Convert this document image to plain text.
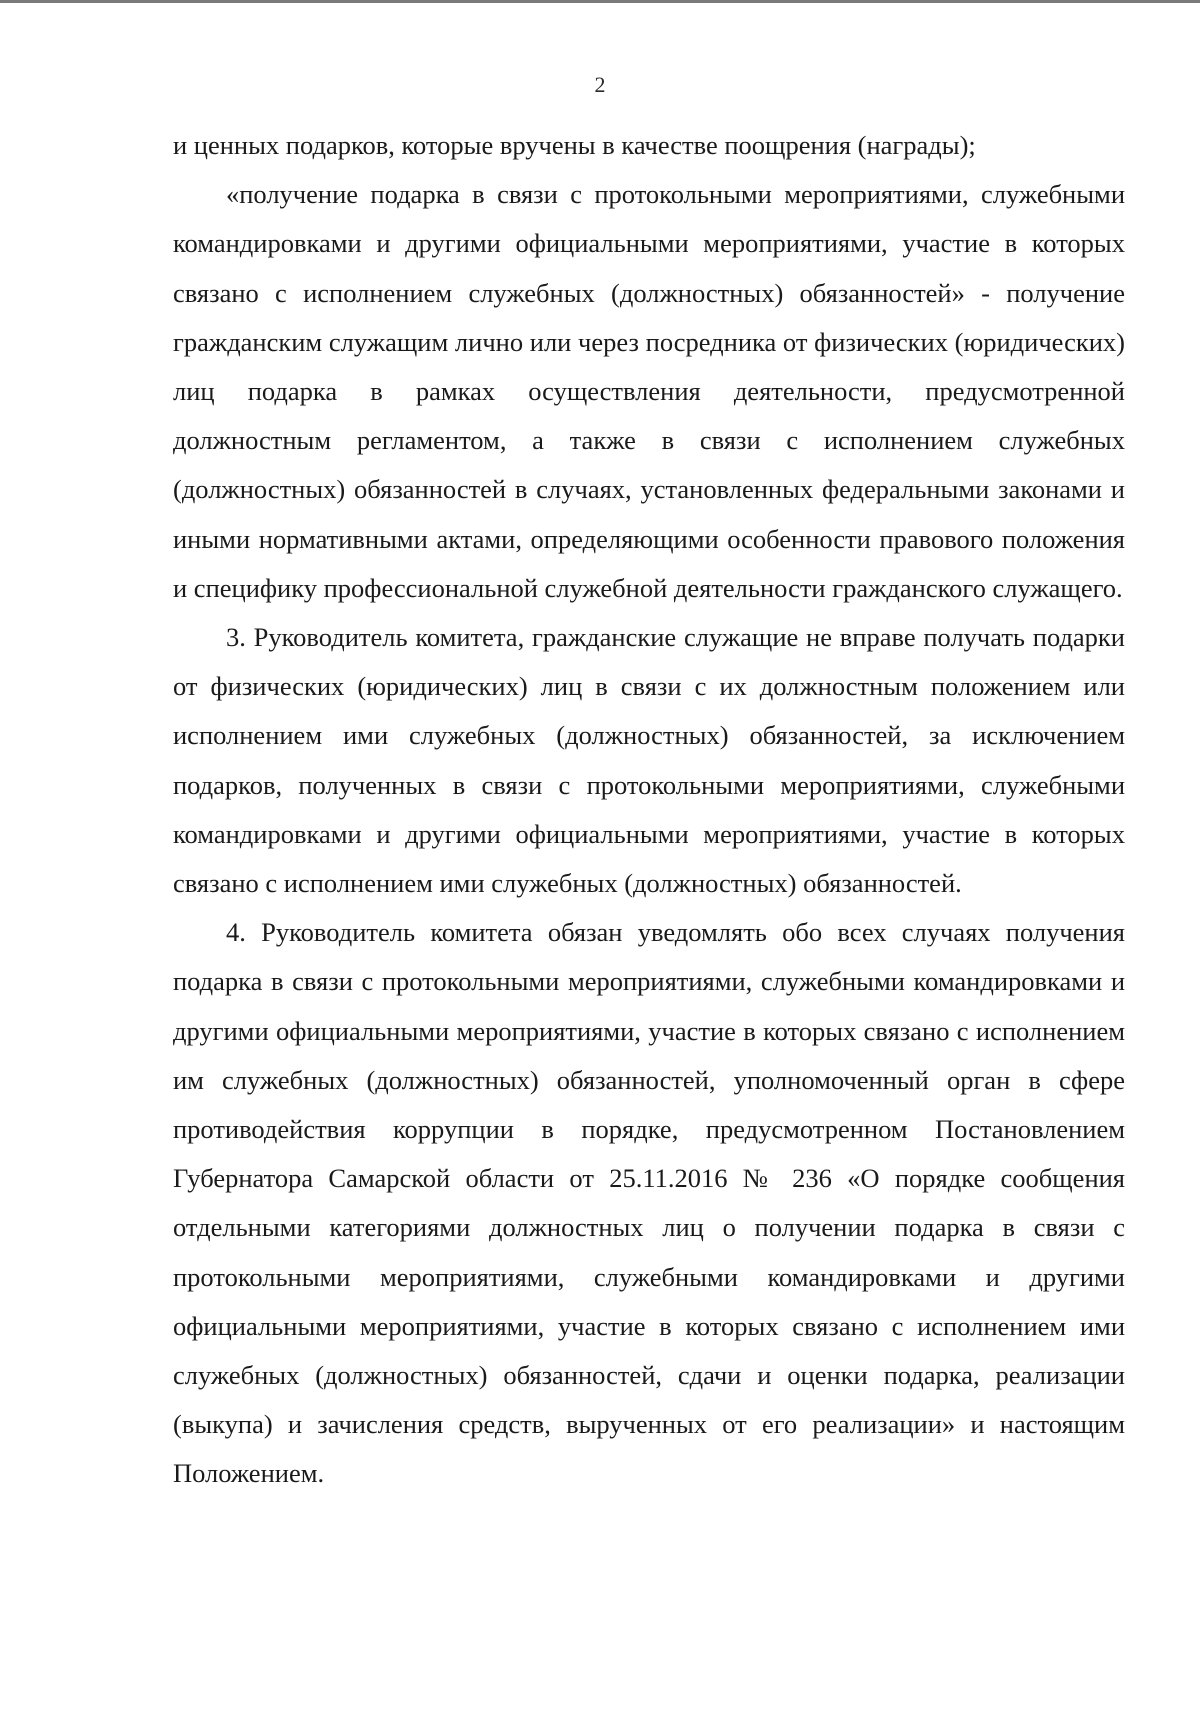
2

и ценных подарков, которые вручены в качестве поощрения (награды);

«получение подарка в связи с протокольными мероприятиями, служебными командировками и другими официальными мероприятиями, участие в которых связано с исполнением служебных (должностных) обязанностей» - получение гражданским служащим лично или через посредника от физических (юридических) лиц подарка в рамках осуществления деятельности, предусмотренной должностным регламентом, а также в связи с исполнением служебных (должностных) обязанностей в случаях, установленных федеральными законами и иными нормативными актами, определяющими особенности правового положения и специфику профессиональной служебной деятельности гражданского служащего.

3. Руководитель комитета, гражданские служащие не вправе получать подарки от физических (юридических) лиц в связи с их должностным положением или исполнением ими служебных (должностных) обязанностей, за исключением подарков, полученных в связи с протокольными мероприятиями, служебными командировками и другими официальными мероприятиями, участие в которых связано с исполнением ими служебных (должностных) обязанностей.

4. Руководитель комитета обязан уведомлять обо всех случаях получения подарка в связи с протокольными мероприятиями, служебными командировками и другими официальными мероприятиями, участие в которых связано с исполнением им служебных (должностных) обязанностей, уполномоченный орган в сфере противодействия коррупции в порядке, предусмотренном Постановлением Губернатора Самарской области от 25.11.2016 № 236 «О порядке сообщения отдельными категориями должностных лиц о получении подарка в связи с протокольными мероприятиями, служебными командировками и другими официальными мероприятиями, участие в которых связано с исполнением ими служебных (должностных) обязанностей, сдачи и оценки подарка, реализации (выкупа) и зачисления средств, вырученных от его реализации» и настоящим Положением.
